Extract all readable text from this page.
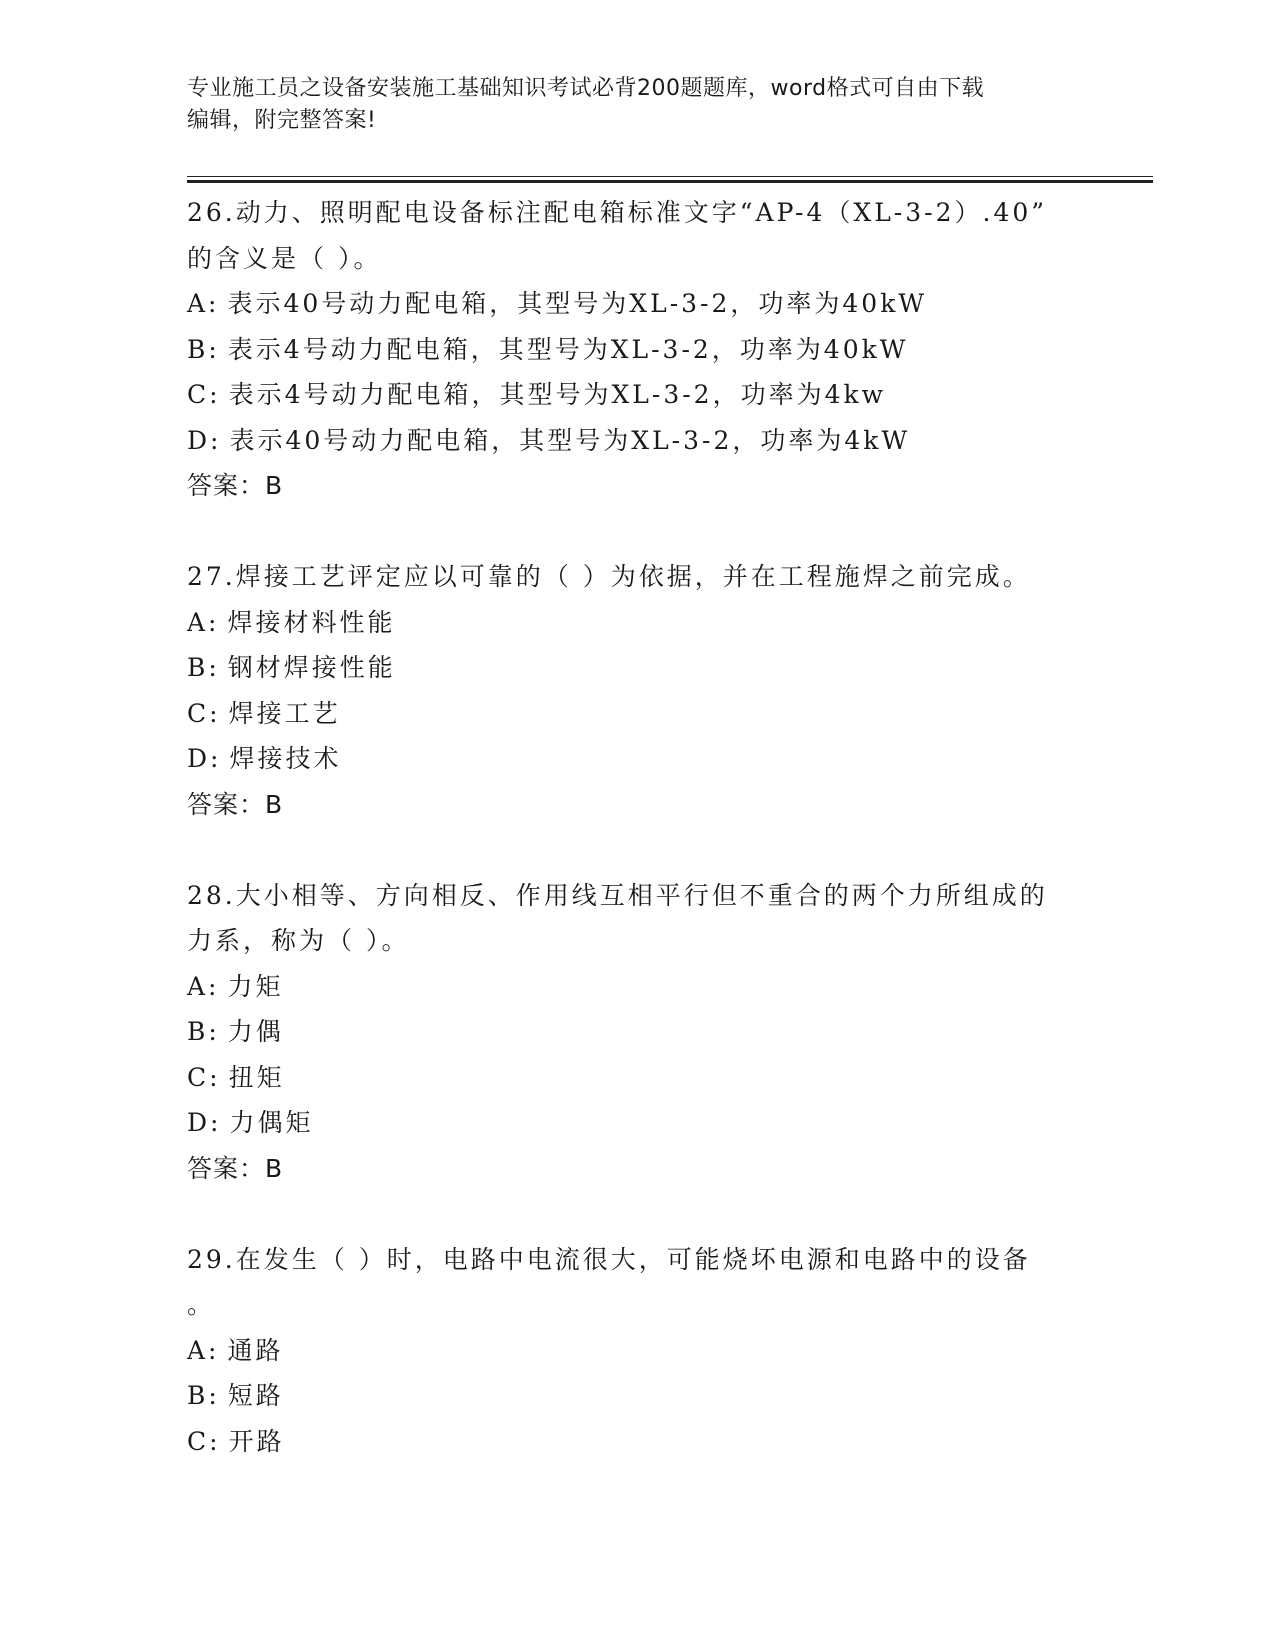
专业施工员之设备安装施工基础知识考试必背200题题库，word格式可自由下载
编辑，附完整答案!
26.动力、照明配电设备标注配电箱标准文字“AP-4（XL-3-2）.40”
的含义是（ ）。
A: 表示40号动力配电箱，其型号为XL-3-2，功率为40kW
B: 表示4号动力配电箱，其型号为XL-3-2，功率为40kW
C: 表示4号动力配电箱，其型号为XL-3-2，功率为4kw
D: 表示40号动力配电箱，其型号为XL-3-2，功率为4kW
答案：B
27.焊接工艺评定应以可靠的（ ）为依据，并在工程施焊之前完成。
A: 焊接材料性能
B: 钢材焊接性能
C: 焊接工艺
D: 焊接技术
答案：B
28.大小相等、方向相反、作用线互相平行但不重合的两个力所组成的
力系，称为（ ）。
A: 力矩
B: 力偶
C: 扭矩
D: 力偶矩
答案：B
29.在发生（ ）时，电路中电流很大，可能烧坏电源和电路中的设备
。
A: 通路
B: 短路
C: 开路
